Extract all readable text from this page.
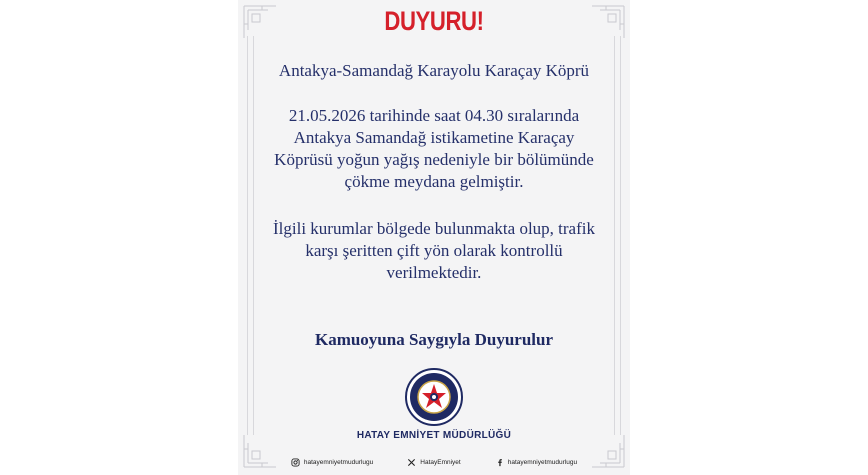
DUYURU!
Antakya-Samandağ Karayolu Karaçay Köprü
21.05.2026 tarihinde saat 04.30 sıralarında
Antakya Samandağ istikametine Karaçay
Köprüsü yoğun yağış nedeniyle bir bölümünde
çökme meydana gelmiştir.
İlgili kurumlar bölgede bulunmakta olup, trafik
karşı şeritten çift yön olarak kontrollü
verilmektedir.
Kamuoyuna Saygıyla Duyurulur
HATAY EMNİYET MÜDÜRLÜĞÜ
hatayemniyetmudurlugu	HatayEmniyet	hatayemniyetmudurlugu
